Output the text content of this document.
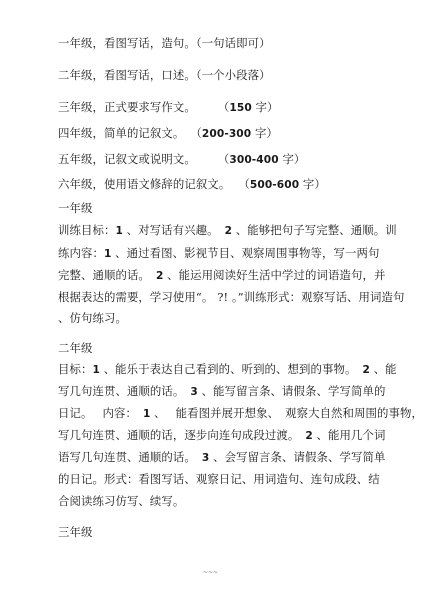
一年级，看图写话，造句。（一句话即可）
二年级，看图写话，口述。（一个小段落）
三年级，正式要求写作文。 （150 字）
四年级，简单的记叙文。 （200-300 字）
五年级，记叙文或说明文。 （300-400 字）
六年级，使用语文修辞的记叙文。 （500-600 字）
一年级
训练目标：1 、对写话有兴趣。 2 、能够把句子写完整、通顺。训
练内容：1 、通过看图、影视节目、观察周围事物等，写一两句
完整、通顺的话。 2 、能运用阅读好生活中学过的词语造句，并
根据表达的需要，学习使用“。 ?! 。”训练形式：观察写话、用词造句
、仿句练习。
二年级
目标：1 、能乐于表达自己看到的、听到的、想到的事物。 2 、能
写几句连贯、通顺的话。 3 、能写留言条、请假条、学写简单的
日记。 内容： 1 、 能看图并展开想象、 观察大自然和周围的事物，
写几句连贯、通顺的话，逐步向连句成段过渡。 2 、能用几个词
语写几句连贯、通顺的话。 3 、会写留言条、请假条、学写简单
的日记。形式：看图写话、观察日记、用词造句、连句成段、结
合阅读练习仿写、续写。
三年级
~~~
